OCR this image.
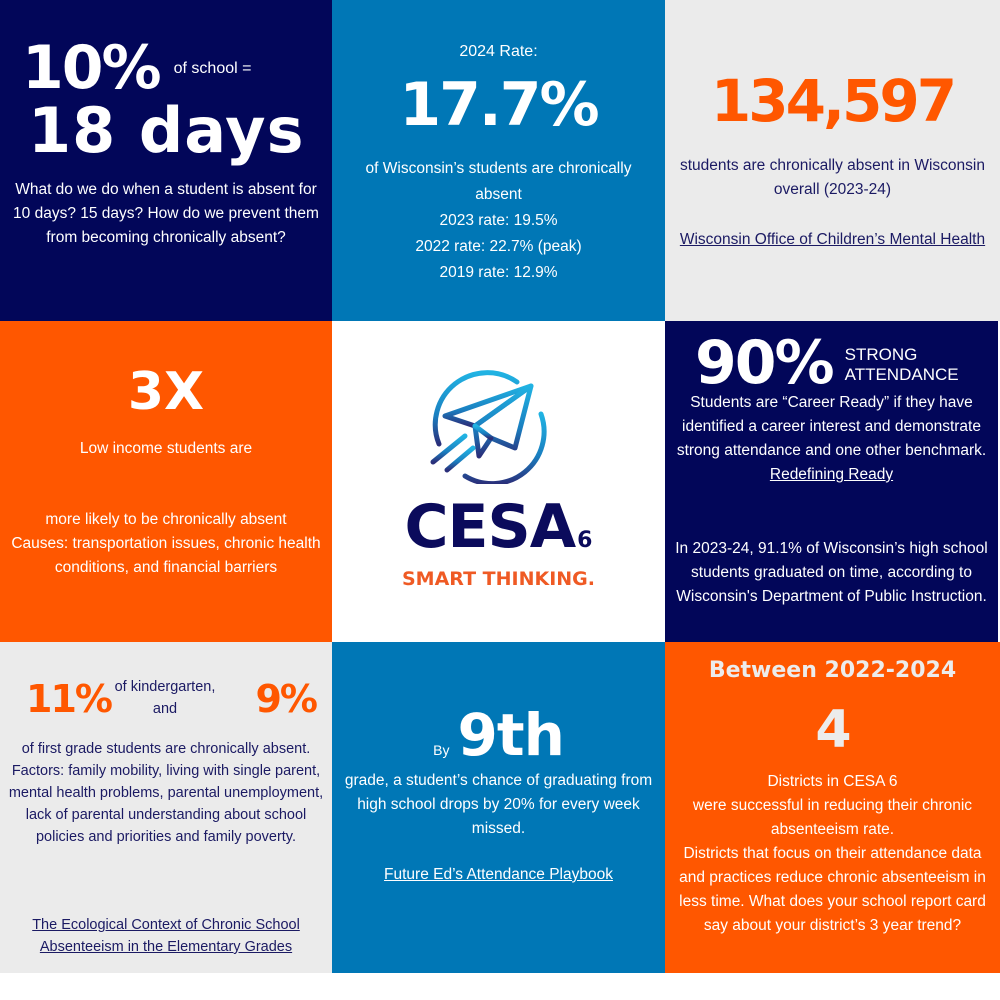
10% of school =
18 days
What do we do when a student is absent for 10 days? 15 days? How do we prevent them from becoming chronically absent?
2024 Rate:
17.7%
of Wisconsin’s students are chronically absent
2023 rate: 19.5%
2022 rate: 22.7% (peak)
2019 rate: 12.9%
134,597
students are chronically absent in Wisconsin overall (2023-24)
Wisconsin Office of Children’s Mental Health
3X
Low income students are
more likely to be chronically absent
Causes: transportation issues, chronic health conditions, and financial barriers
CESA6
SMART THINKING.
90% STRONG
ATTENDANCE
Students are “Career Ready” if they have identified a career interest and demonstrate strong attendance and one other benchmark.
Redefining Ready
In 2023-24, 91.1% of Wisconsin’s high school students graduated on time, according to Wisconsin's Department of Public Instruction.
11% of kindergarten, and	9%
of first grade students are chronically absent.
Factors: family mobility, living with single parent, mental health problems, parental unemployment, lack of parental understanding about school policies and priorities and family poverty.
The Ecological Context of Chronic School Absenteeism in the Elementary Grades
By 9th
grade, a student’s chance of graduating from high school drops by 20% for every week missed.
Future Ed’s Attendance Playbook
Between 2022-2024
4
Districts in CESA 6
were successful in reducing their chronic absenteeism rate.
Districts that focus on their attendance data and practices reduce chronic absenteeism in less time. What does your school report card say about your district’s 3 year trend?
